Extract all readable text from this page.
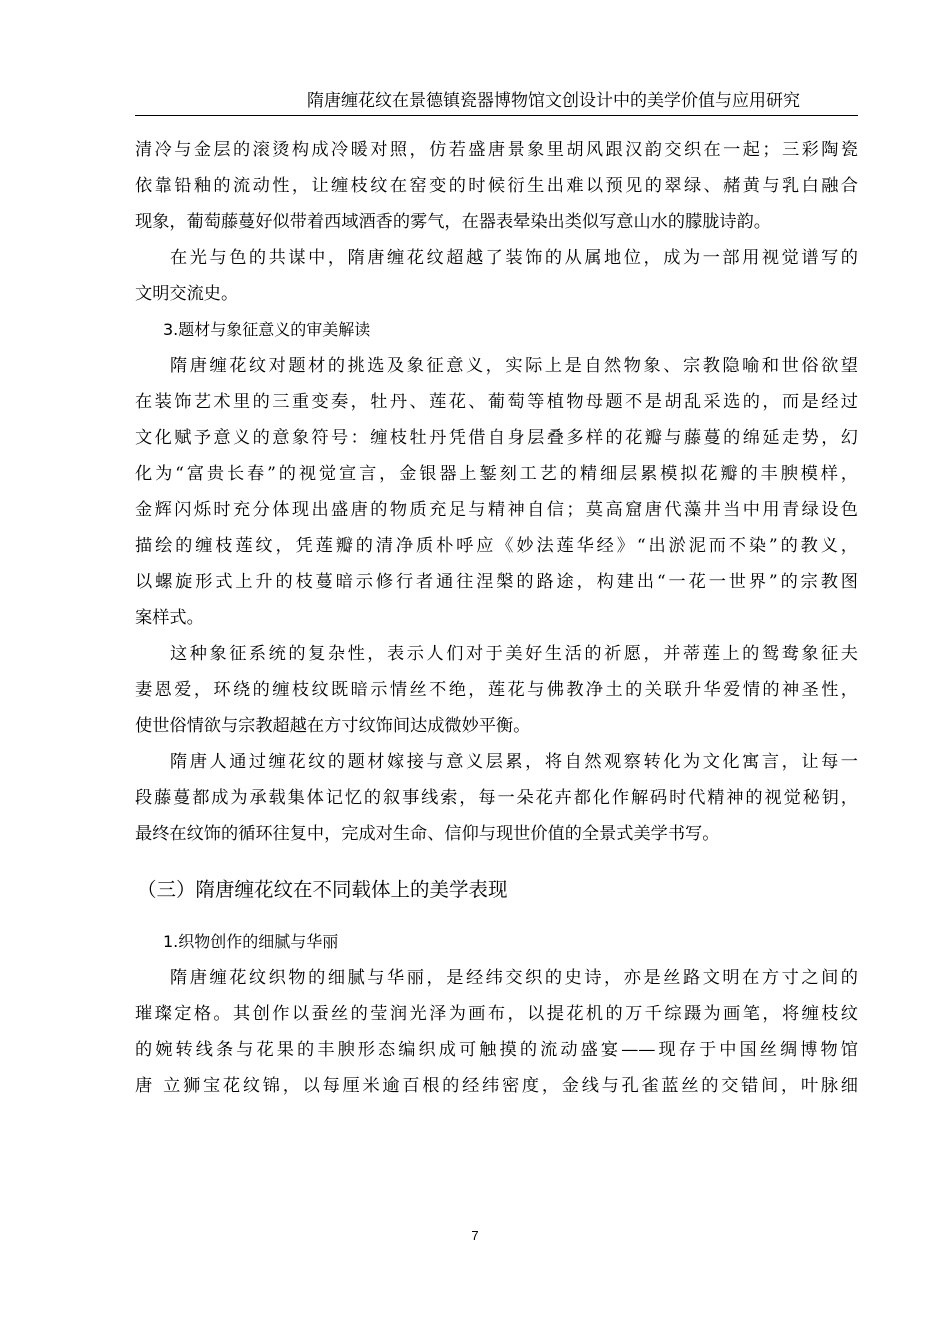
隋唐缠花纹在景德镇瓷器博物馆文创设计中的美学价值与应用研究
清冷与金层的滚烫构成冷暖对照，仿若盛唐景象里胡风跟汉韵交织在一起；三彩陶瓷
依靠铅釉的流动性，让缠枝纹在窑变的时候衍生出难以预见的翠绿、赭黄与乳白融合
现象，葡萄藤蔓好似带着西域酒香的雾气，在器表晕染出类似写意山水的朦胧诗韵。
在光与色的共谋中，隋唐缠花纹超越了装饰的从属地位，成为一部用视觉谱写的
文明交流史。
3.题材与象征意义的审美解读
隋唐缠花纹对题材的挑选及象征意义，实际上是自然物象、宗教隐喻和世俗欲望
在装饰艺术里的三重变奏，牡丹、莲花、葡萄等植物母题不是胡乱采选的，而是经过
文化赋予意义的意象符号：缠枝牡丹凭借自身层叠多样的花瓣与藤蔓的绵延走势，幻
化为“富贵长春”的视觉宣言，金银器上錾刻工艺的精细层累模拟花瓣的丰腴模样，
金辉闪烁时充分体现出盛唐的物质充足与精神自信；莫高窟唐代藻井当中用青绿设色
描绘的缠枝莲纹，凭莲瓣的清净质朴呼应《妙法莲华经》“出淤泥而不染”的教义，
以螺旋形式上升的枝蔓暗示修行者通往涅槃的路途，构建出“一花一世界”的宗教图
案样式。
这种象征系统的复杂性，表示人们对于美好生活的祈愿，并蒂莲上的鸳鸯象征夫
妻恩爱，环绕的缠枝纹既暗示情丝不绝，莲花与佛教净土的关联升华爱情的神圣性，
使世俗情欲与宗教超越在方寸纹饰间达成微妙平衡。
隋唐人通过缠花纹的题材嫁接与意义层累，将自然观察转化为文化寓言，让每一
段藤蔓都成为承载集体记忆的叙事线索，每一朵花卉都化作解码时代精神的视觉秘钥，
最终在纹饰的循环往复中，完成对生命、信仰与现世价值的全景式美学书写。
（三）隋唐缠花纹在不同载体上的美学表现
1.织物创作的细腻与华丽
隋唐缠花纹织物的细腻与华丽，是经纬交织的史诗，亦是丝路文明在方寸之间的
璀璨定格。其创作以蚕丝的莹润光泽为画布，以提花机的万千综蹑为画笔，将缠枝纹
的婉转线条与花果的丰腴形态编织成可触摸的流动盛宴——现存于中国丝绸博物馆
唐 立狮宝花纹锦，以每厘米逾百根的经纬密度，金线与孔雀蓝丝的交错间，叶脉细
7
